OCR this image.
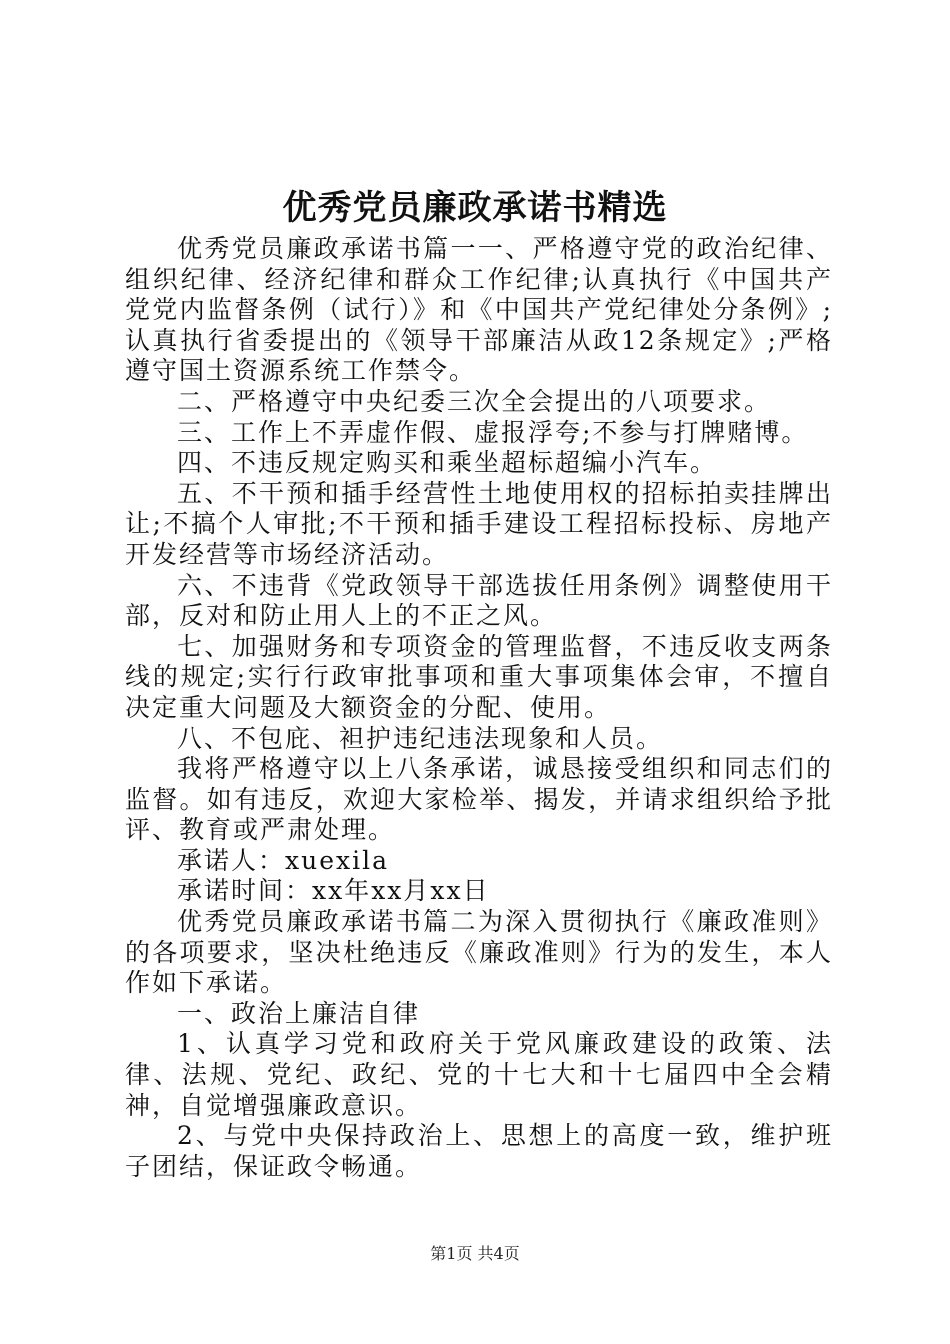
优秀党员廉政承诺书精选

优秀党员廉政承诺书篇一一、严格遵守党的政治纪律、组织纪律、经济纪律和群众工作纪律;认真执行《中国共产党党内监督条例（试行）》和《中国共产党纪律处分条例》;认真执行省委提出的《领导干部廉洁从政12条规定》;严格遵守国土资源系统工作禁令。

二、严格遵守中央纪委三次全会提出的八项要求。

三、工作上不弄虚作假、虚报浮夸;不参与打牌赌博。

四、不违反规定购买和乘坐超标超编小汽车。

五、不干预和插手经营性土地使用权的招标拍卖挂牌出让;不搞个人审批;不干预和插手建设工程招标投标、房地产开发经营等市场经济活动。

六、不违背《党政领导干部选拔任用条例》调整使用干部，反对和防止用人上的不正之风。

七、加强财务和专项资金的管理监督，不违反收支两条线的规定;实行行政审批事项和重大事项集体会审，不擅自决定重大问题及大额资金的分配、使用。

八、不包庇、袒护违纪违法现象和人员。

我将严格遵守以上八条承诺，诚恳接受组织和同志们的监督。如有违反，欢迎大家检举、揭发，并请求组织给予批评、教育或严肃处理。

承诺人：xuexila

承诺时间：xx年xx月xx日

优秀党员廉政承诺书篇二为深入贯彻执行《廉政准则》的各项要求，坚决杜绝违反《廉政准则》行为的发生，本人作如下承诺。

一、政治上廉洁自律

1、认真学习党和政府关于党风廉政建设的政策、法律、法规、党纪、政纪、党的十七大和十七届四中全会精神，自觉增强廉政意识。

2、与党中央保持政治上、思想上的高度一致，维护班子团结，保证政令畅通。

第1页 共4页
